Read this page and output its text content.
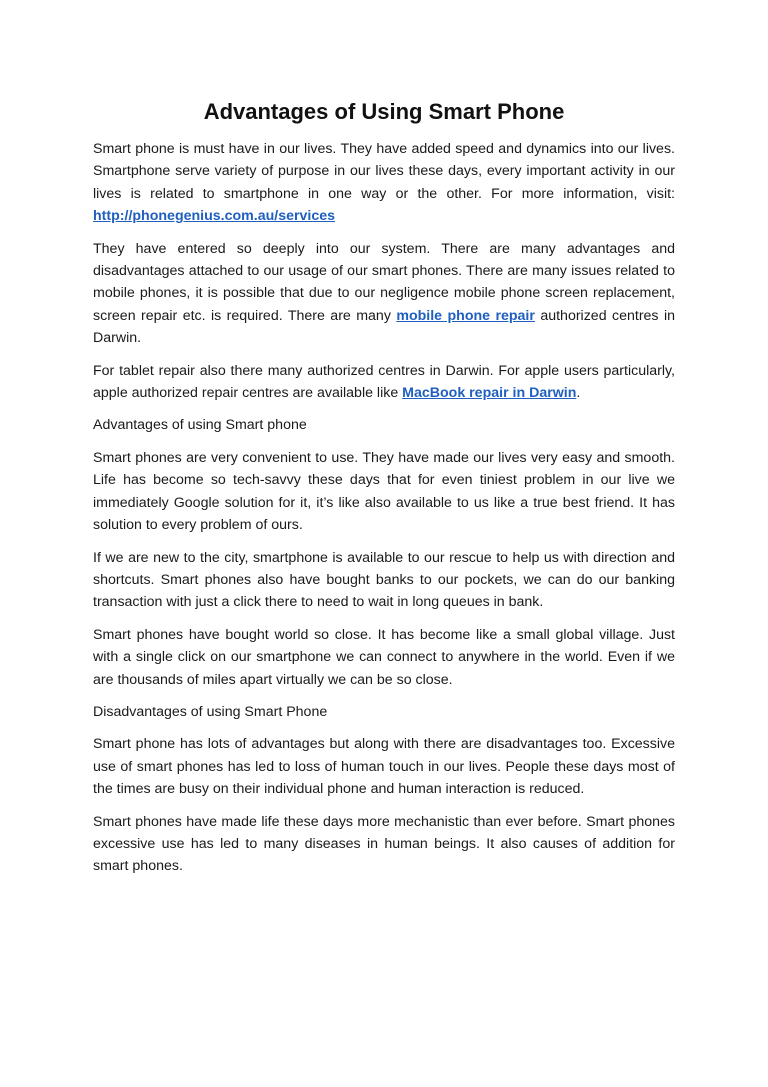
Advantages of Using Smart Phone

Smart phone is must have in our lives. They have added speed and dynamics into our lives. Smartphone serve variety of purpose in our lives these days, every important activity in our lives is related to smartphone in one way or the other. For more information, visit: http://phonegenius.com.au/services

They have entered so deeply into our system. There are many advantages and disadvantages attached to our usage of our smart phones. There are many issues related to mobile phones, it is possible that due to our negligence mobile phone screen replacement, screen repair etc. is required. There are many mobile phone repair authorized centres in Darwin.

For tablet repair also there many authorized centres in Darwin. For apple users particularly, apple authorized repair centres are available like MacBook repair in Darwin.

Advantages of using Smart phone

Smart phones are very convenient to use. They have made our lives very easy and smooth. Life has become so tech-savvy these days that for even tiniest problem in our live we immediately Google solution for it, it’s like also available to us like a true best friend. It has solution to every problem of ours.

If we are new to the city, smartphone is available to our rescue to help us with direction and shortcuts. Smart phones also have bought banks to our pockets, we can do our banking transaction with just a click there to need to wait in long queues in bank.

Smart phones have bought world so close. It has become like a small global village. Just with a single click on our smartphone we can connect to anywhere in the world. Even if we are thousands of miles apart virtually we can be so close.

Disadvantages of using Smart Phone

Smart phone has lots of advantages but along with there are disadvantages too. Excessive use of smart phones has led to loss of human touch in our lives. People these days most of the times are busy on their individual phone and human interaction is reduced.

Smart phones have made life these days more mechanistic than ever before. Smart phones excessive use has led to many diseases in human beings. It also causes of addition for smart phones.
